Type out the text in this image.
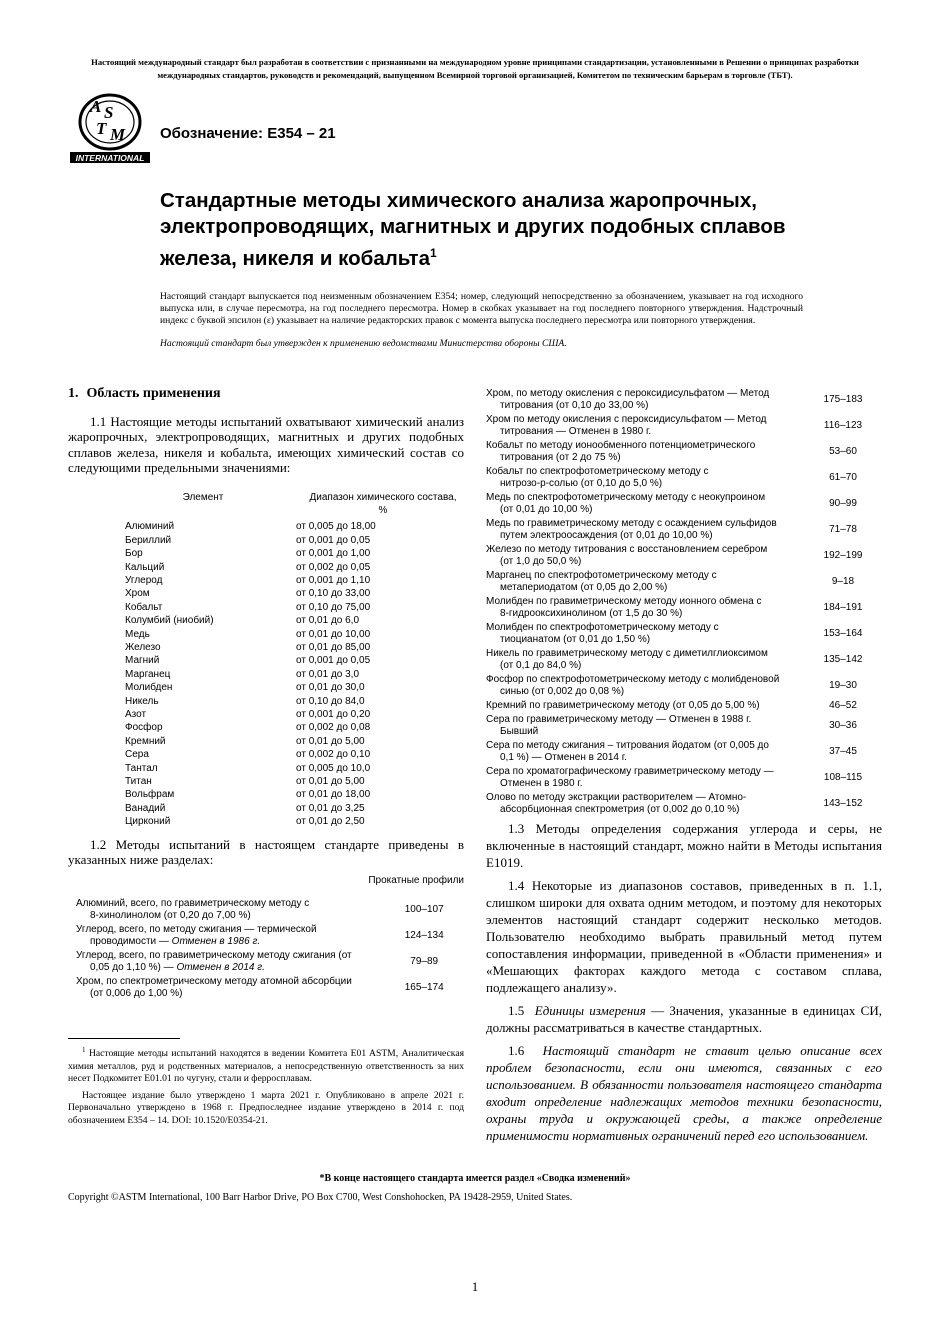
Настоящий международный стандарт был разработан в соответствии с признанными на международном уровне принципами стандартизации, установленными в Решении о принципах разработки международных стандартов, руководств и рекомендаций, выпущенном Всемирной торговой организацией, Комитетом по техническим барьерам в торговле (ТБТ).
A S
T M
INTERNATIONAL
Обозначение: E354 – 21
Стандартные методы химического анализа жаропрочных, электропроводящих, магнитных и других подобных сплавов железа, никеля и кобальта$^1$

Настоящий стандарт выпускается под неизменным обозначением E354; номер, следующий непосредственно за обозначением, указывает на год исходного выпуска или, в случае пересмотра, на год последнего пересмотра. Номер в скобках указывает на год последнего повторного утверждения. Надстрочный индекс с буквой эпсилон (ε) указывает на наличие редакторских правок с момента выпуска последнего пересмотра или повторного утверждения.

Настоящий стандарт был утвержден к применению ведомствами Министерства обороны США.

1. Область применения

1.1 Настоящие методы испытаний охватывают химический анализ жаропрочных, электропроводящих, магнитных и других подобных сплавов железа, никеля и кобальта, имеющих химический состав со следующими предельными значениями:

Элемент	Диапазон химического состава, %
Алюминий	от 0,005 до 18,00
Бериллий	от 0,001 до 0,05
Бор	от 0,001 до 1,00
Кальций	от 0,002 до 0,05
Углерод	от 0,001 до 1,10
Хром	от 0,10 до 33,00
Кобальт	от 0,10 до 75,00
Колумбий (ниобий)	от 0,01 до 6,0
Медь	от 0,01 до 10,00
Железо	от 0,01 до 85,00
Магний	от 0,001 до 0,05
Марганец	от 0,01 до 3,0
Молибден	от 0,01 до 30,0
Никель	от 0,10 до 84,0
Азот	от 0,001 до 0,20
Фосфор	от 0,002 до 0,08
Кремний	от 0,01 до 5,00
Сера	от 0,002 до 0,10
Тантал	от 0,005 до 10,0
Титан	от 0,01 до 5,00
Вольфрам	от 0,01 до 18,00
Ванадий	от 0,01 до 3,25
Цирконий	от 0,01 до 2,50

1.2 Методы испытаний в настоящем стандарте приведены в указанных ниже разделах:

Прокатные профили
Алюминий, всего, по гравиметрическому методу с
8-хинолинолом (от 0,20 до 7,00 %)
100–107
Углерод, всего, по методу сжигания — термической
проводимости — Отменен в 1986 г.
124–134
Углерод, всего, по гравиметрическому методу сжигания (от
0,05 до 1,10 %) — Отменен в 2014 г.
79–89
Хром, по спектрометрическому методу атомной абсорбции
(от 0,006 до 1,00 %)
165–174

$^1$ Настоящие методы испытаний находятся в ведении Комитета E01 ASTM, Аналитическая химия металлов, руд и родственных материалов, а непосредственную ответственность за них несет Подкомитет E01.01 по чугуну, стали и ферросплавам.

Настоящее издание было утверждено 1 марта 2021 г. Опубликовано в апреле 2021 г. Первоначально утверждено в 1968 г. Предпоследнее издание утверждено в 2014 г. под обозначением E354 – 14. DOI: 10.1520/E0354-21.

Хром, по методу окисления с пероксидисульфатом — Метод
титрования (от 0,10 до 33,00 %)
175–183
Хром по методу окисления с пероксидисульфатом — Метод
титрования — Отменен в 1980 г.
116–123
Кобальт по методу ионообменного потенциометрического
титрования (от 2 до 75 %)
53–60
Кобальт по спектрофотометрическому методу с
нитрозо-р-солью (от 0,10 до 5,0 %)
61–70
Медь по спектрофотометрическому методу с неокупроином
(от 0,01 до 10,00 %)
90–99
Медь по гравиметрическому методу с осаждением сульфидов
путем электроосаждения (от 0,01 до 10,00 %)
71–78
Железо по методу титрования с восстановлением серебром
(от 1,0 до 50,0 %)
192–199
Марганец по спектрофотометрическому методу с
метапериодатом (от 0,05 до 2,00 %)
9–18
Молибден по гравиметрическому методу ионного обмена с
8-гидрооксихинолином (от 1,5 до 30 %)
184–191
Молибден по спектрофотометрическому методу с
тиоцианатом (от 0,01 до 1,50 %)
153–164
Никель по гравиметрическому методу с диметилглиоксимом
(от 0,1 до 84,0 %)
135–142
Фосфор по спектрофотометрическому методу с молибденовой
синью (от 0,002 до 0,08 %)
19–30
Кремний по гравиметрическому методу (от 0,05 до 5,00 %)	46–52
Сера по гравиметрическому методу — Отменен в 1988 г.
Бывший
30–36
Сера по методу сжигания – титрования йодатом (от 0,005 до
0,1 %) — Отменен в 2014 г.
37–45
Сера по хроматографическому гравиметрическому методу —
Отменен в 1980 г.
108–115
Олово по методу экстракции растворителем — Атомно-
абсорбционная спектрометрия (от 0,002 до 0,10 %)
143–152

1.3 Методы определения содержания углерода и серы, не включенные в настоящий стандарт, можно найти в Методы испытания E1019.

1.4 Некоторые из диапазонов составов, приведенных в п. 1.1, слишком широки для охвата одним методом, и поэтому для некоторых элементов настоящий стандарт содержит несколько методов. Пользователю необходимо выбрать правильный метод путем сопоставления информации, приведенной в «Области применения» и «Мешающих факторах каждого метода с составом сплава, подлежащего анализу».

1.5 Единицы измерения — Значения, указанные в единицах СИ, должны рассматриваться в качестве стандартных.

1.6 Настоящий стандарт не ставит целью описание всех проблем безопасности, если они имеются, связанных с его использованием. В обязанности пользователя настоящего стандарта входит определение надлежащих методов техники безопасности, охраны труда и окружающей среды, а также определение применимости нормативных ограничений перед его использованием.

*В конце настоящего стандарта имеется раздел «Сводка изменений»
Copyright ©ASTM International, 100 Barr Harbor Drive, PO Box C700, West Conshohocken, PA 19428-2959, United States.
1
